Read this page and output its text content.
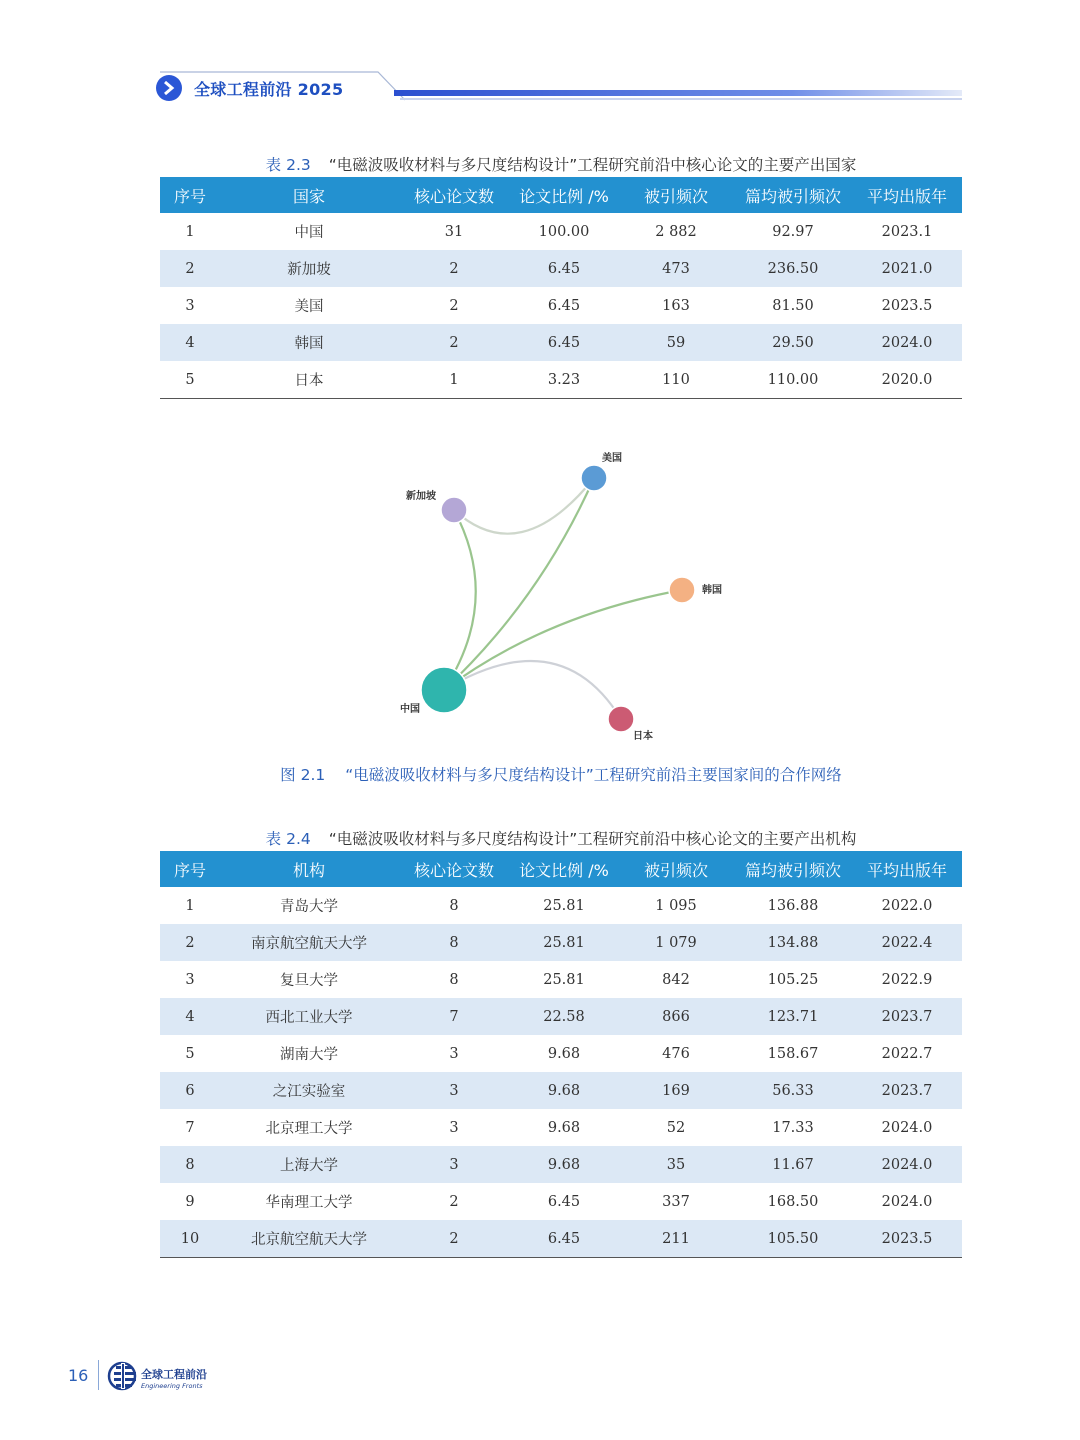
全球工程前沿 2025
表 2.3 “电磁波吸收材料与多尺度结构设计”工程研究前沿中核心论文的主要产出国家
序号	国家	核心论文数	论文比例 /%	被引频次	篇均被引频次	平均出版年
1	中国	31	100.00	2 882	92.97	2023.1
2	新加坡	2	6.45	473	236.50	2021.0
3	美国	2	6.45	163	81.50	2023.5
4	韩国	2	6.45	59	29.50	2024.0
5	日本	1	3.23	110	110.00	2020.0
中国
美国
新加坡
韩国
日本
图 2.1 “电磁波吸收材料与多尺度结构设计”工程研究前沿主要国家间的合作网络
表 2.4 “电磁波吸收材料与多尺度结构设计”工程研究前沿中核心论文的主要产出机构
序号	机构	核心论文数	论文比例 /%	被引频次	篇均被引频次	平均出版年
1	青岛大学	8	25.81	1 095	136.88	2022.0
2	南京航空航天大学	8	25.81	1 079	134.88	2022.4
3	复旦大学	8	25.81	842	105.25	2022.9
4	西北工业大学	7	22.58	866	123.71	2023.7
5	湖南大学	3	9.68	476	158.67	2022.7
6	之江实验室	3	9.68	169	56.33	2023.7
7	北京理工大学	3	9.68	52	17.33	2024.0
8	上海大学	3	9.68	35	11.67	2024.0
9	华南理工大学	2	6.45	337	168.50	2024.0
10	北京航空航天大学	2	6.45	211	105.50	2023.5
16	全球工程前沿
Engineering Fronts
